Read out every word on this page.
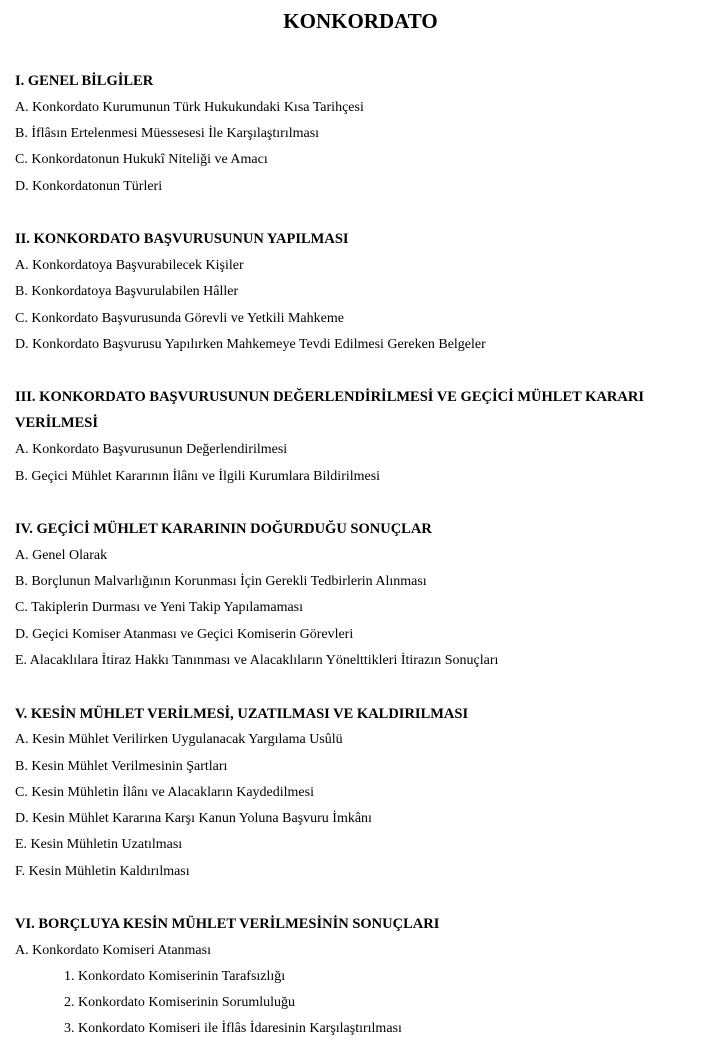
KONKORDATO
I. GENEL BİLGİLER
A. Konkordato Kurumunun Türk Hukukundaki Kısa Tarihçesi
B. İflâsın Ertelenmesi Müessesesi İle Karşılaştırılması
C. Konkordatonun Hukukî Niteliği ve Amacı
D. Konkordatonun Türleri
II. KONKORDATO BAŞVURUSUNUN YAPILMASI
A. Konkordatoya Başvurabilecek Kişiler
B. Konkordatoya Başvurulabilen Hâller
C. Konkordato Başvurusunda Görevli ve Yetkili Mahkeme
D. Konkordato Başvurusu Yapılırken Mahkemeye Tevdi Edilmesi Gereken Belgeler
III. KONKORDATO BAŞVURUSUNUN DEĞERLENDİRİLMESİ VE GEÇİCİ MÜHLET KARARI VERİLMESİ
A. Konkordato Başvurusunun Değerlendirilmesi
B. Geçici Mühlet Kararının İlânı ve İlgili Kurumlara Bildirilmesi
IV. GEÇİCİ MÜHLET KARARININ DOĞURDUĞU SONUÇLAR
A. Genel Olarak
B. Borçlunun Malvarlığının Korunması İçin Gerekli Tedbirlerin Alınması
C. Takiplerin Durması ve Yeni Takip Yapılamaması
D. Geçici Komiser Atanması ve Geçici Komiserin Görevleri
E. Alacaklılara İtiraz Hakkı Tanınması ve Alacaklıların Yönelttikleri İtirazın Sonuçları
V. KESİN MÜHLET VERİLMESİ, UZATILMASI VE KALDIRILMASI
A. Kesin Mühlet Verilirken Uygulanacak Yargılama Usûlü
B. Kesin Mühlet Verilmesinin Şartları
C. Kesin Mühletin İlânı ve Alacakların Kaydedilmesi
D. Kesin Mühlet Kararına Karşı Kanun Yoluna Başvuru İmkânı
E. Kesin Mühletin Uzatılması
F. Kesin Mühletin Kaldırılması
VI. BORÇLUYA KESİN MÜHLET VERİLMESİNİN SONUÇLARI
A. Konkordato Komiseri Atanması
1. Konkordato Komiserinin Tarafsızlığı
2. Konkordato Komiserinin Sorumluluğu
3. Konkordato Komiseri ile İflâs İdaresinin Karşılaştırılması
